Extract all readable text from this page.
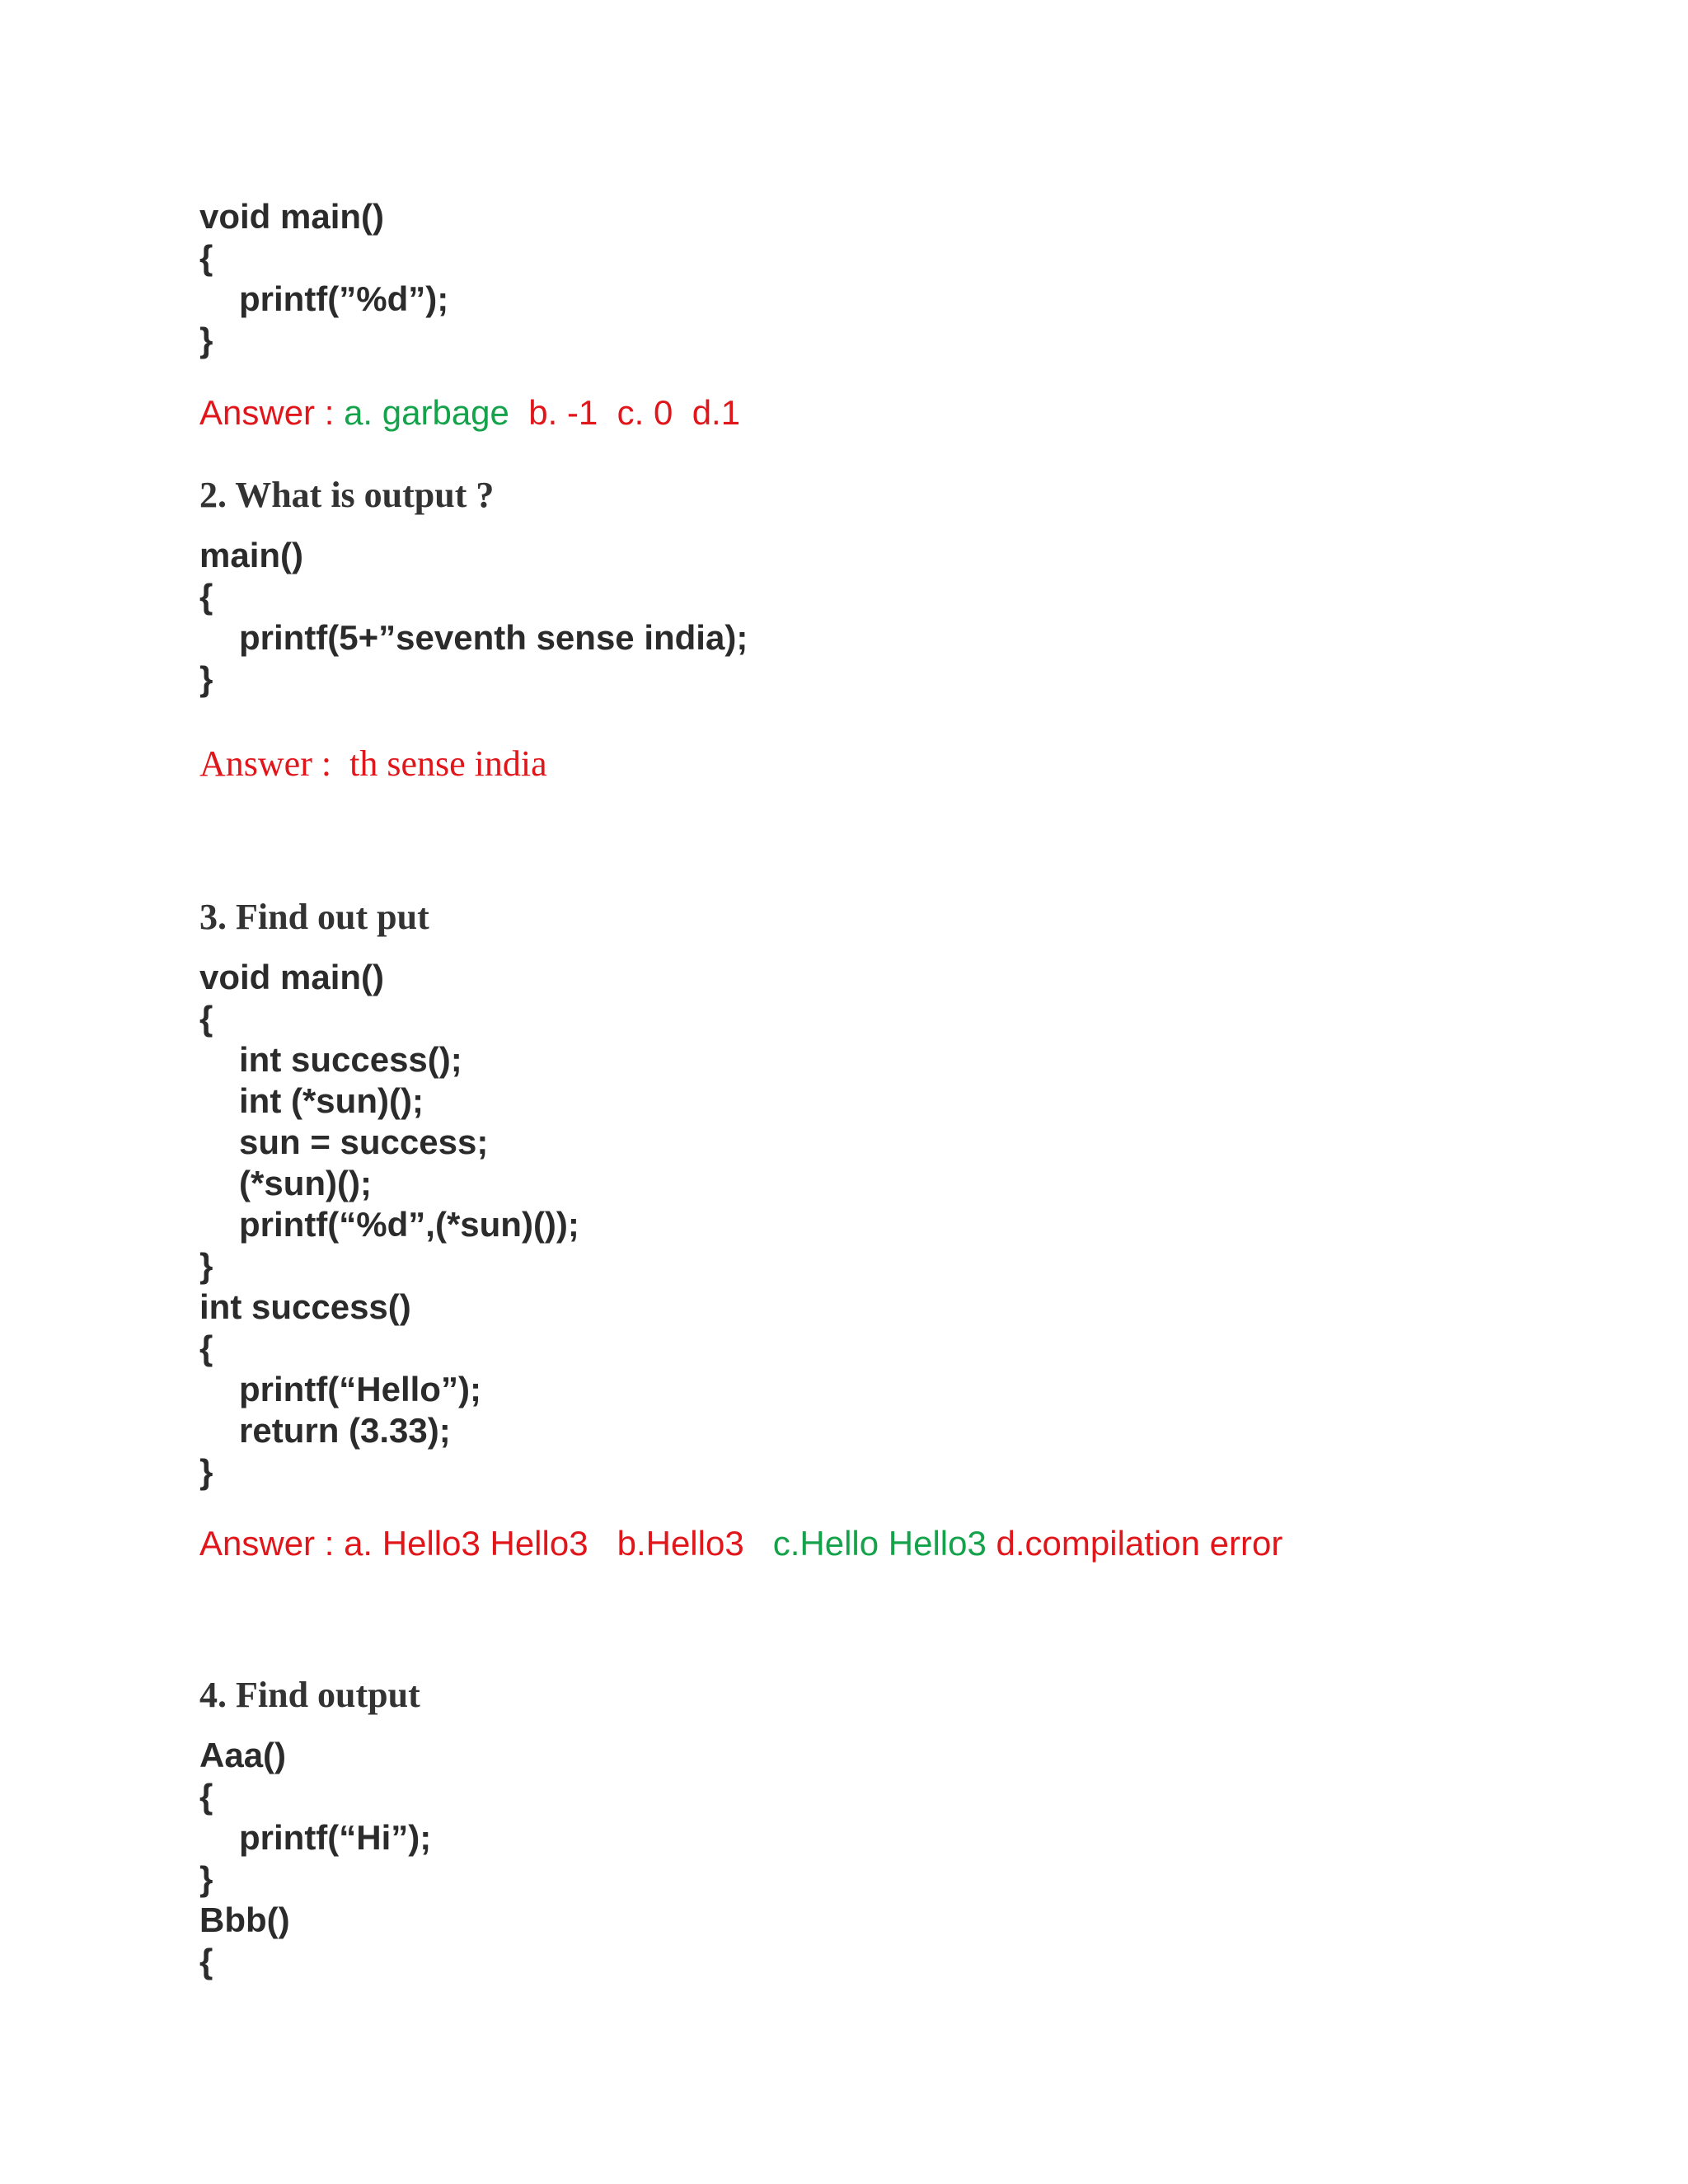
void main()
{
printf(”%d”);
}
Answer : a. garbage b. -1 c. 0 d.1
2. What is output ?
main()
{
printf(5+”seventh sense india);
}
Answer : th sense india
3. Find out put
void main()
{
int success();
int (*sun)();
sun = success;
(*sun)();
printf(“%d”,(*sun)());
}
int success()
{
printf(“Hello”);
return (3.33);
}
Answer : a. Hello3 Hello3 b.Hello3 c.Hello Hello3 d.compilation error
4. Find output
Aaa()
{
printf(“Hi”);
}
Bbb()
{
